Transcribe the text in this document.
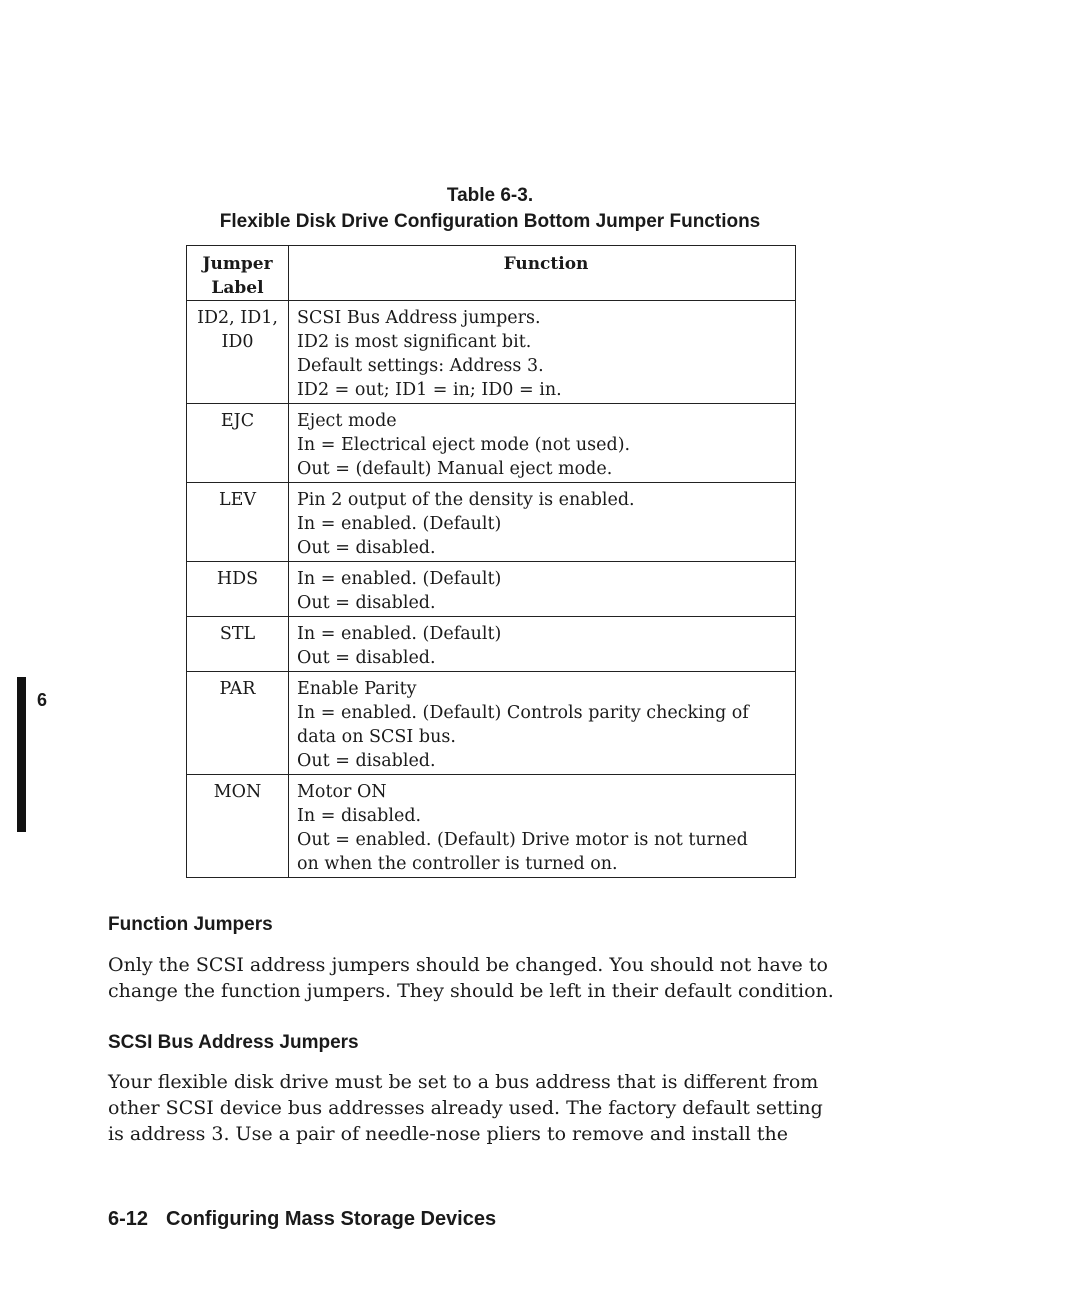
Table 6-3.
Flexible Disk Drive Configuration Bottom Jumper Functions
Jumper
Label	Function

ID2, ID1,
ID0	SCSI Bus Address jumpers.
ID2 is most significant bit.
Default settings: Address 3.
ID2 = out; ID1 = in; ID0 = in.

EJC	Eject mode
In = Electrical eject mode (not used).
Out = (default) Manual eject mode.

LEV	Pin 2 output of the density is enabled.
In = enabled. (Default)
Out = disabled.

HDS	In = enabled. (Default)
Out = disabled.

STL	In = enabled. (Default)
Out = disabled.

PAR	Enable Parity
In = enabled. (Default) Controls parity checking of
data on SCSI bus.
Out = disabled.

MON	Motor ON
In = disabled.
Out = enabled. (Default) Drive motor is not turned
on when the controller is turned on.
Function Jumpers
Only the SCSI address jumpers should be changed. You should not have to
change the function jumpers. They should be left in their default condition.
SCSI Bus Address Jumpers
Your flexible disk drive must be set to a bus address that is different from
other SCSI device bus addresses already used. The factory default setting
is address 3. Use a pair of needle-nose pliers to remove and install the
6
6-12 Configuring Mass Storage Devices
